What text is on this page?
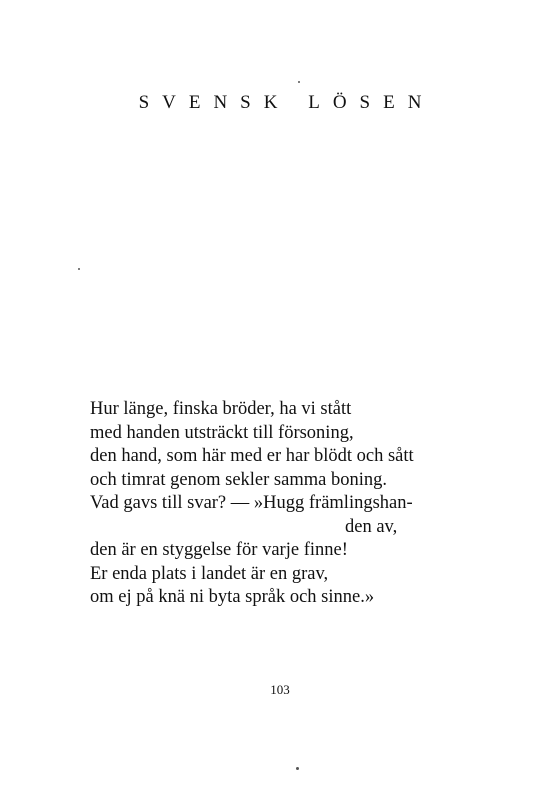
SVENSK LÖSEN
Hur länge, finska bröder, ha vi stått
med handen utsträckt till försoning,
den hand, som här med er har blödt och sått
och timrat genom sekler samma boning.
Vad gavs till svar? — »Hugg främlingshan-
den av,
den är en styggelse för varje finne!
Er enda plats i landet är en grav,
om ej på knä ni byta språk och sinne.»
103
